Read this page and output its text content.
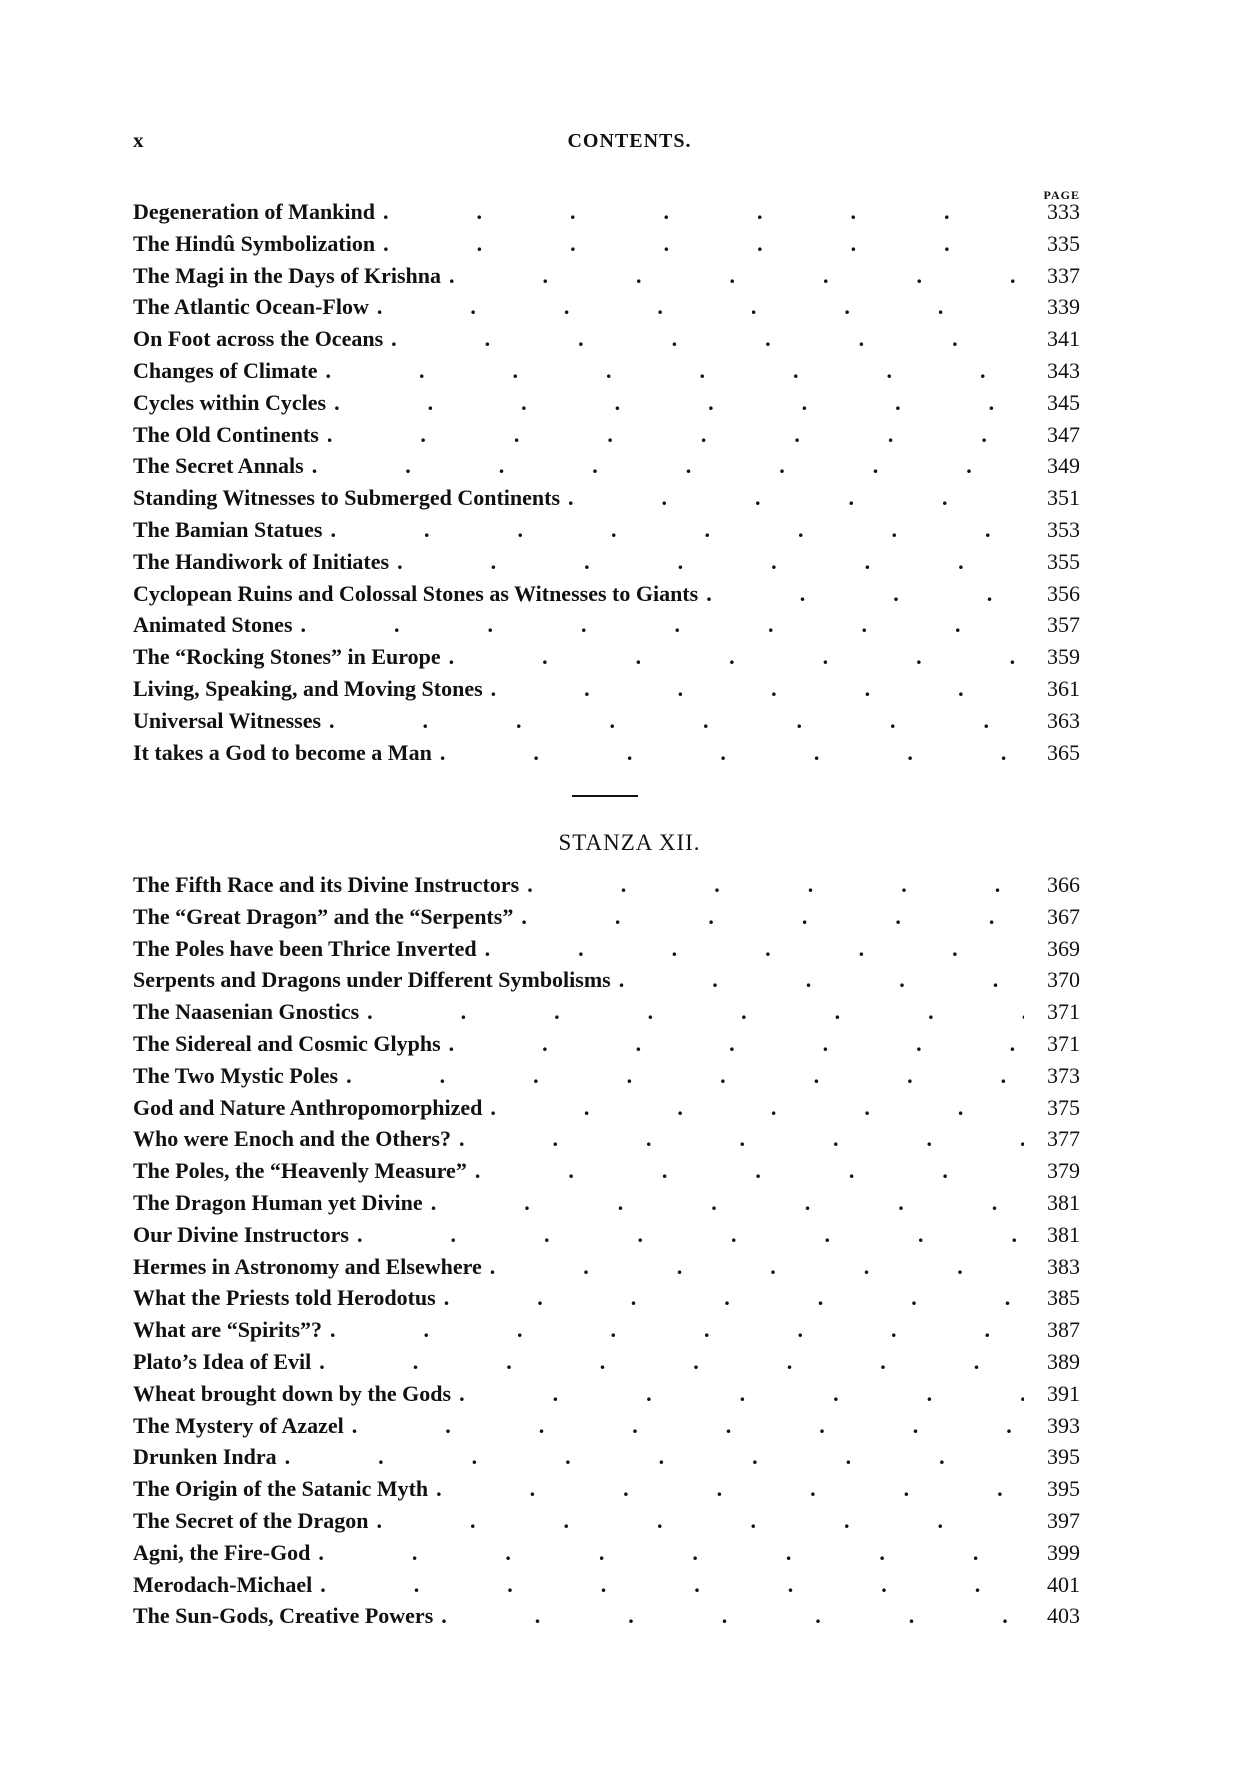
x	CONTENTS.
PAGE
Degeneration of Mankind .	333
The Hindû Symbolization .	335
The Magi in the Days of Krishna .	337
The Atlantic Ocean-Flow .	339
On Foot across the Oceans .	341
Changes of Climate .	343
Cycles within Cycles .	345
The Old Continents .	347
The Secret Annals .	349
Standing Witnesses to Submerged Continents .	351
The Bamian Statues .	353
The Handiwork of Initiates .	355
Cyclopean Ruins and Colossal Stones as Witnesses to Giants .	356
Animated Stones .	357
The “Rocking Stones” in Europe .	359
Living, Speaking, and Moving Stones .	361
Universal Witnesses .	363
It takes a God to become a Man .	365
STANZA XII.
The Fifth Race and its Divine Instructors .	366
The “Great Dragon” and the “Serpents” .	367
The Poles have been Thrice Inverted .	369
Serpents and Dragons under Different Symbolisms .	370
The Naasenian Gnostics .	371
The Sidereal and Cosmic Glyphs .	371
The Two Mystic Poles .	373
God and Nature Anthropomorphized .	375
Who were Enoch and the Others? .	377
The Poles, the “Heavenly Measure” .	379
The Dragon Human yet Divine .	381
Our Divine Instructors .	381
Hermes in Astronomy and Elsewhere .	383
What the Priests told Herodotus .	385
What are “Spirits”? .	387
Plato’s Idea of Evil .	389
Wheat brought down by the Gods .	391
The Mystery of Azazel .	393
Drunken Indra .	395
The Origin of the Satanic Myth .	395
The Secret of the Dragon .	397
Agni, the Fire-God .	399
Merodach-Michael .	401
The Sun-Gods, Creative Powers .	403
